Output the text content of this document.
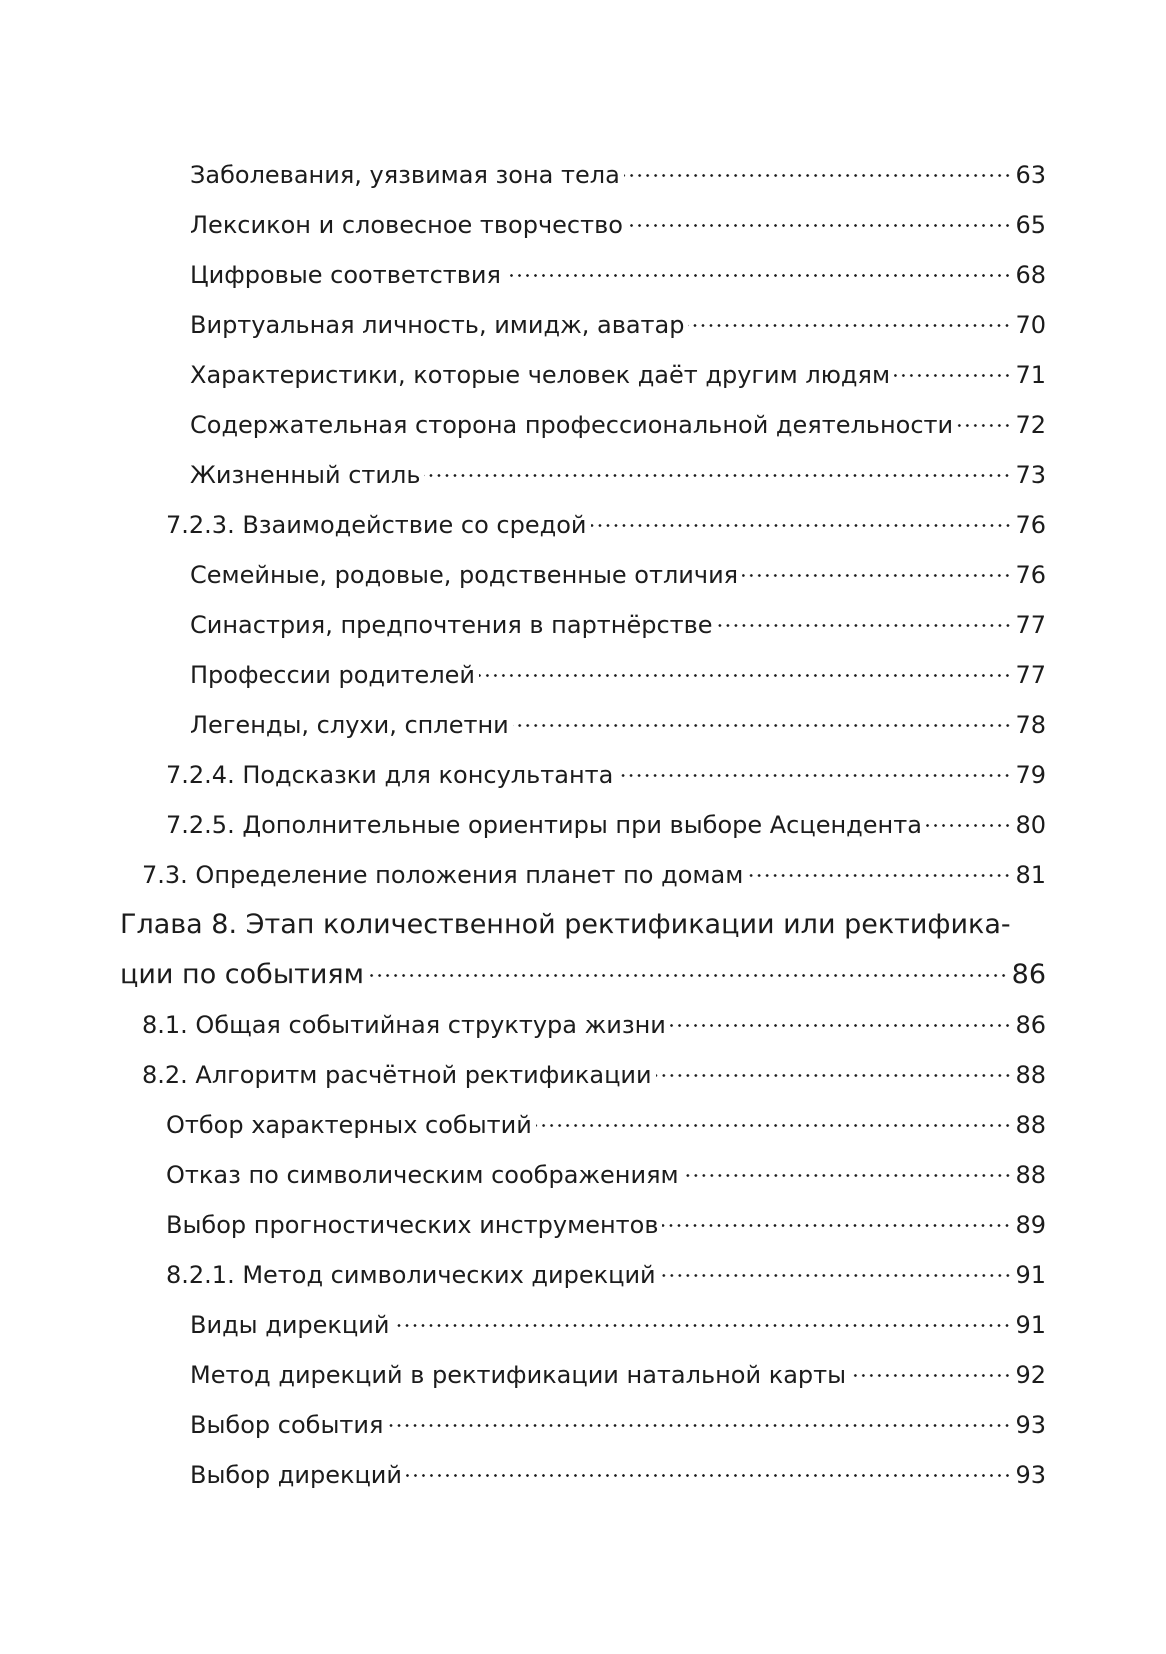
Заболевания, уязвимая зона тела	63
Лексикон и словесное творчество	65
Цифровые соответствия	68
Виртуальная личность, имидж, аватар	70
Характеристики, которые человек даёт другим людям	71
Содержательная сторона профессиональной деятельности	72
Жизненный стиль	73
7.2.3. Взаимодействие со средой	76
Семейные, родовые, родственные отличия	76
Синастрия, предпочтения в партнёрстве	77
Профессии родителей	77
Легенды, слухи, сплетни	78
7.2.4. Подсказки для консультанта	79
7.2.5. Дополнительные ориентиры при выборе Асцендента	80
7.3. Определение положения планет по домам	81
Глава 8. Этап количественной ректификации или ректифика-
ции по событиям	86
8.1. Общая событийная структура жизни	86
8.2. Алгоритм расчётной ректификации	88
Отбор характерных событий	88
Отказ по символическим соображениям	88
Выбор прогностических инструментов	89
8.2.1. Метод символических дирекций	91
Виды дирекций	91
Метод дирекций в ректификации натальной карты	92
Выбор события	93
Выбор дирекций	93
